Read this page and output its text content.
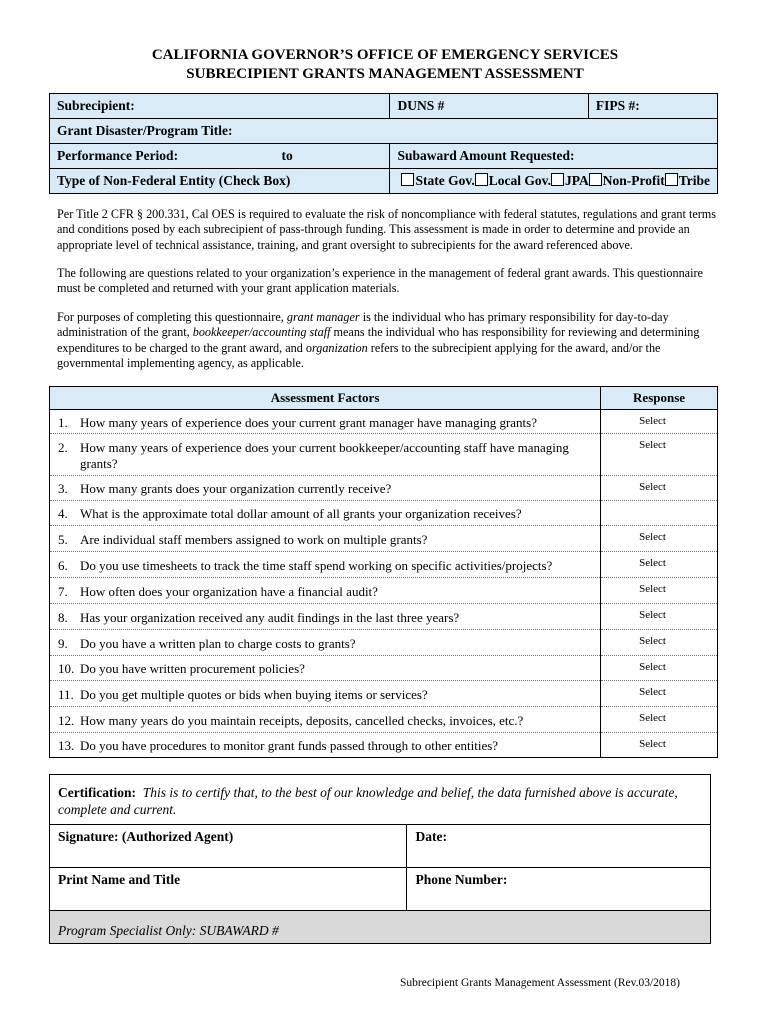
CALIFORNIA GOVERNOR’S OFFICE OF EMERGENCY SERVICES
SUBRECIPIENT GRANTS MANAGEMENT ASSESSMENT
Subrecipient:	DUNS #	FIPS #:
Grant Disaster/Program Title:		
Performance Period: to	Subaward Amount Requested:	
Type of Non-Federal Entity (Check Box)	State Gov. Local Gov. JPA Non-Profit Tribe	
Per Title 2 CFR § 200.331, Cal OES is required to evaluate the risk of noncompliance with federal statutes, regulations and grant terms and conditions posed by each subrecipient of pass-through funding. This assessment is made in order to determine and provide an appropriate level of technical assistance, training, and grant oversight to subrecipients for the award referenced above.
The following are questions related to your organization’s experience in the management of federal grant awards. This questionnaire must be completed and returned with your grant application materials.
For purposes of completing this questionnaire, grant manager is the individual who has primary responsibility for day-to-day administration of the grant, bookkeeper/accounting staff means the individual who has responsibility for reviewing and determining expenditures to be charged to the grant award, and organization refers to the subrecipient applying for the award, and/or the governmental implementing agency, as applicable.
Assessment Factors	Response

1. How many years of experience does your current grant manager have managing grants?	Select

2. How many years of experience does your current bookkeeper/accounting staff have managing grants?	Select

3. How many grants does your organization currently receive?	Select

4. What is the approximate total dollar amount of all grants your organization receives?	

5. Are individual staff members assigned to work on multiple grants?	Select

6. Do you use timesheets to track the time staff spend working on specific activities/projects?	Select

7. How often does your organization have a financial audit?	Select

8. Has your organization received any audit findings in the last three years?	Select

9. Do you have a written plan to charge costs to grants?	Select

10. Do you have written procurement policies?	Select

11. Do you get multiple quotes or bids when buying items or services?	Select

12. How many years do you maintain receipts, deposits, cancelled checks, invoices, etc.?	Select

13. Do you have procedures to monitor grant funds passed through to other entities?	Select
Certification: This is to certify that, to the best of our knowledge and belief, the data furnished above is accurate, complete and current.	
Signature: (Authorized Agent)	Date:
Print Name and Title	Phone Number:
Program Specialist Only: SUBAWARD #	
Subrecipient Grants Management Assessment (Rev.03/2018)
